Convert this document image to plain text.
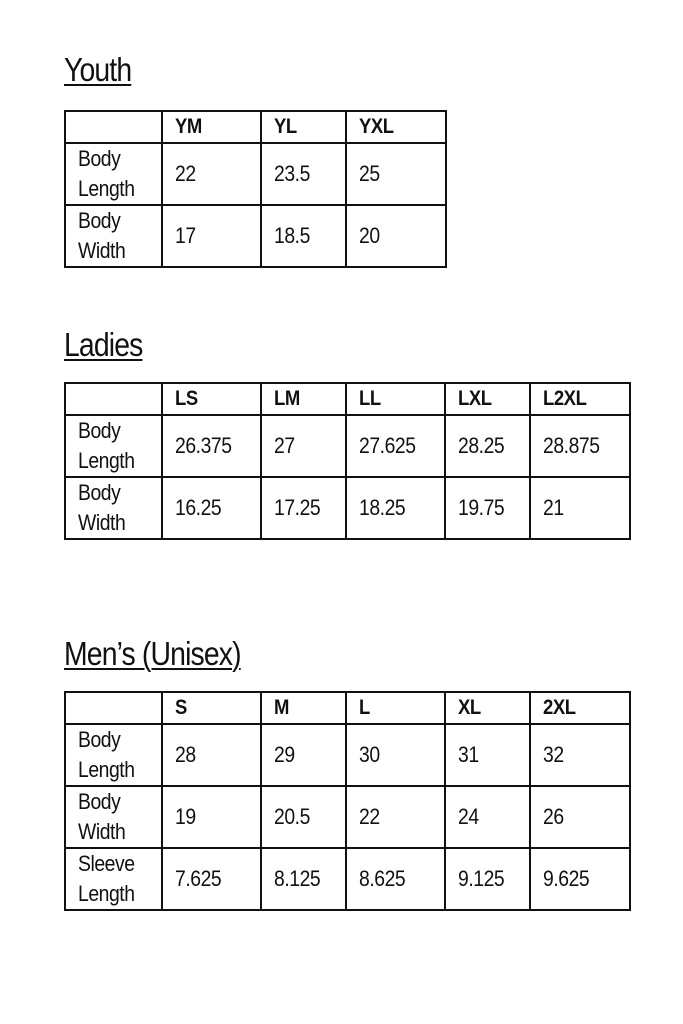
Youth
	YM	YL	YXL

Body
Length	22	23.5	25

Body
Width	17	18.5	20
Ladies
	LS	LM	LL	LXL	L2XL

Body
Length	26.375	27	27.625	28.25	28.875

Body
Width	16.25	17.25	18.25	19.75	21
Men’s (Unisex)
	S	M	L	XL	2XL

Body
Length	28	29	30	31	32

Body
Width	19	20.5	22	24	26

Sleeve
Length	7.625	8.125	8.625	9.125	9.625
